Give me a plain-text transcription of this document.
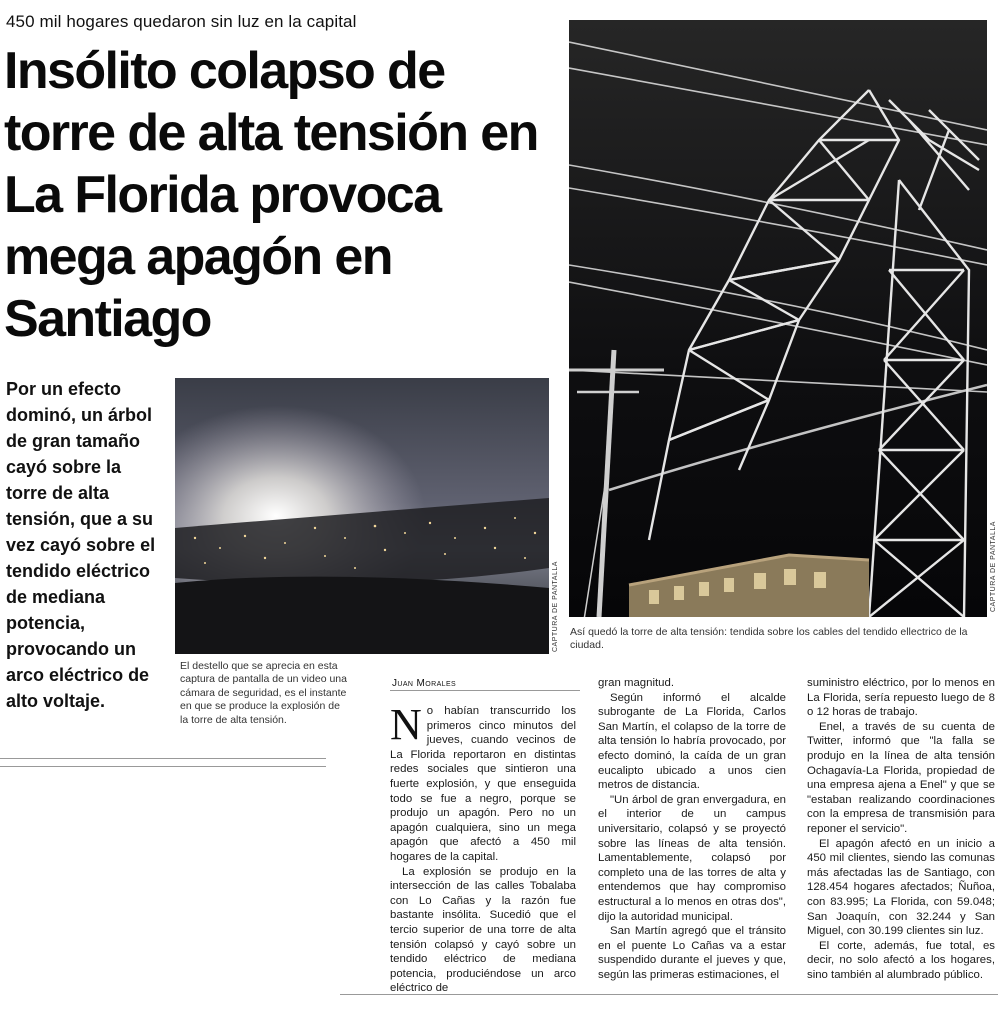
450 mil hogares quedaron sin luz en la capital
Insólito colapso de torre de alta tensión en La Florida provoca mega apagón en Santiago
CAPTURA DE PANTALLA

Así quedó la torre de alta tensión: tendida sobre los cables del tendido ellectrico de la ciudad.

Por un efecto dominó, un árbol de gran tamaño cayó sobre la torre de alta tensión, que a su vez cayó sobre el tendido eléctrico de mediana potencia, provocando un arco eléctrico de alto voltaje.

CAPTURA DE PANTALLA

El destello que se aprecia en esta captura de pantalla de un video una cámara de seguridad, es el instante en que se produce la explosión de la torre de alta tensión.

Juan Morales
N o habían transcurrido los primeros cinco minutos del jueves, cuando vecinos de La Florida reportaron en distintas redes sociales que sintieron una fuerte explosión, y que enseguida todo se fue a negro, porque se produjo un apagón. Pero no un apagón cualquiera, sino un mega apagón que afectó a 450 mil hogares de la capital.

La explosión se produjo en la intersección de las calles Tobalaba con Lo Cañas y la razón fue bastante insólita. Sucedió que el tercio superior de una torre de alta tensión colapsó y cayó sobre un tendido eléctrico de mediana potencia, produciéndose un arco eléctrico de

gran magnitud.

Según informó el alcalde subrogante de La Florida, Carlos San Martín, el colapso de la torre de alta tensión lo habría provocado, por efecto dominó, la caída de un gran eucalipto ubicado a unos cien metros de distancia.

"Un árbol de gran envergadura, en el interior de un campus universitario, colapsó y se proyectó sobre las líneas de alta tensión. Lamentablemente, colapsó por completo una de las torres de alta y entendemos que hay compromiso estructural a lo menos en otras dos", dijo la autoridad municipal.

San Martín agregó que el tránsito en el puente Lo Cañas va a estar suspendido durante el jueves y que, según las primeras estimaciones, el

suministro eléctrico, por lo menos en La Florida, sería repuesto luego de 8 o 12 horas de trabajo.

Enel, a través de su cuenta de Twitter, informó que "la falla se produjo en la línea de alta tensión Ochagavía-La Florida, propiedad de una empresa ajena a Enel" y que se "estaban realizando coordinaciones con la empresa de transmisión para reponer el servicio".

El apagón afectó en un inicio a 450 mil clientes, siendo las comunas más afectadas las de Santiago, con 128.454 hogares afectados; Ñuñoa, con 83.995; La Florida, con 59.048; San Joaquín, con 32.244 y San Miguel, con 30.199 clientes sin luz.

El corte, además, fue total, es decir, no solo afectó a los hogares, sino también al alumbrado público.
